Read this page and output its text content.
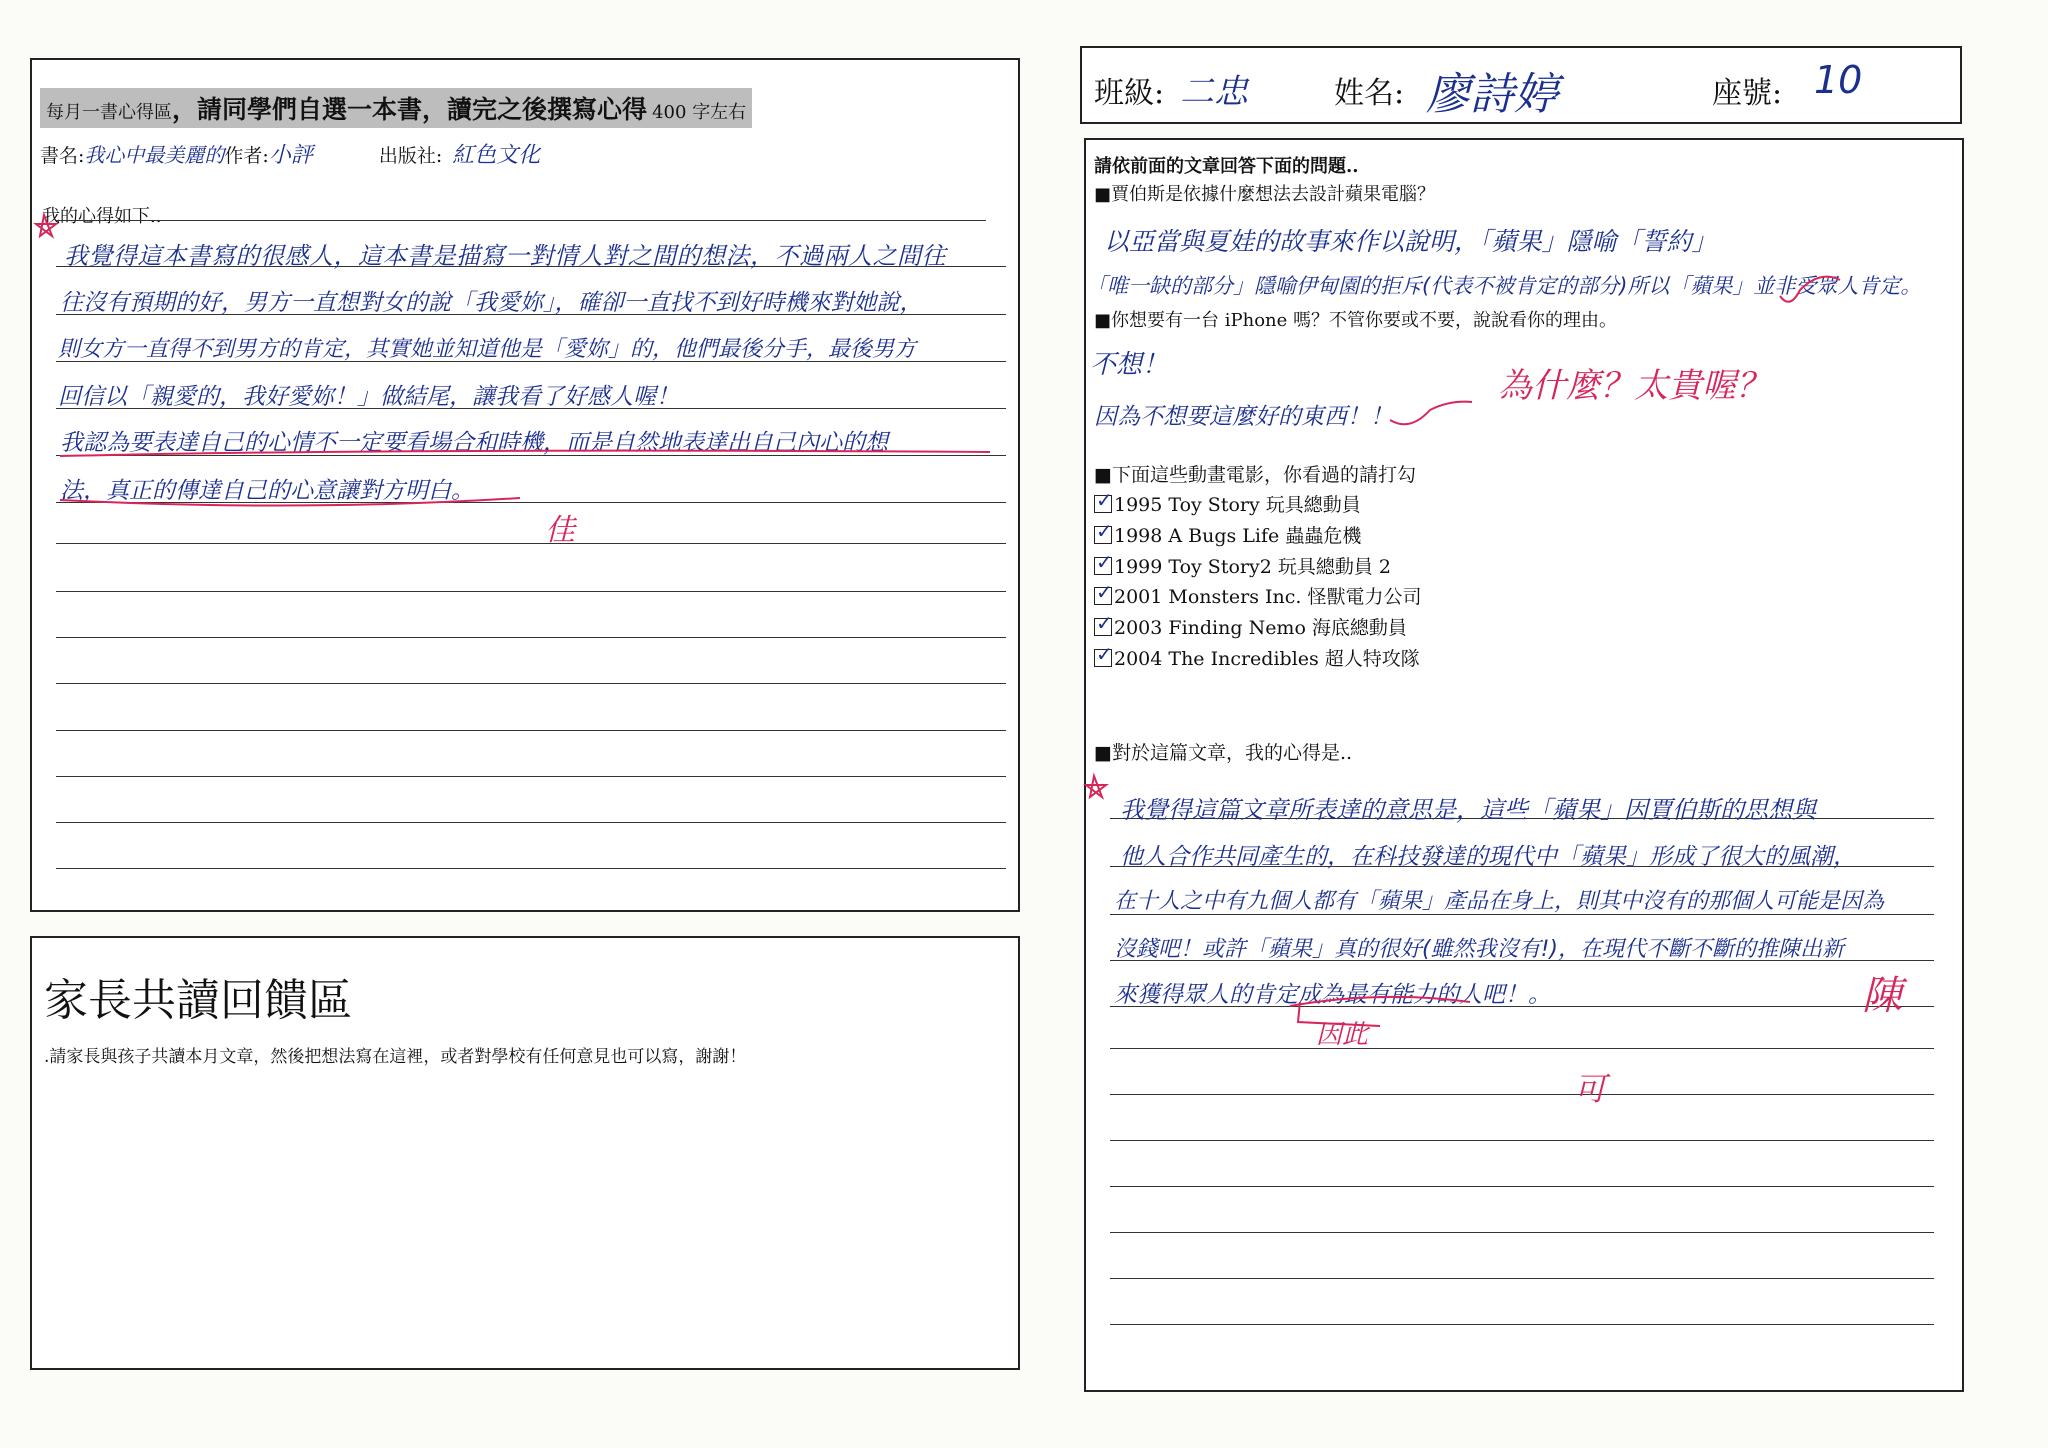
每月一書心得區，請同學們自選一本書，讀完之後撰寫心得 400 字左右
書名:我心中最美麗的作者:小評	出版社: 紅色文化
我的心得如下..
我覺得這本書寫的很感人，這本書是描寫一對情人對之間的想法，不過兩人之間往
往沒有預期的好，男方一直想對女的說「我愛妳」，確卻一直找不到好時機來對她說，
則女方一直得不到男方的肯定，其實她並知道他是「愛妳」的，他們最後分手，最後男方
回信以「親愛的，我好愛妳！」做結尾，讓我看了好感人喔！
我認為要表達自己的心情不一定要看場合和時機，而是自然地表達出自己內心的想
法，真正的傳達自己的心意讓對方明白。
佳
家長共讀回饋區
.請家長與孩子共讀本月文章，然後把想法寫在這裡，或者對學校有任何意見也可以寫，謝謝！
班級: 二忠	姓名: 廖詩婷	座號: 10
請依前面的文章回答下面的問題..
■賈伯斯是依據什麼想法去設計蘋果電腦？
以亞當與夏娃的故事來作以說明，「蘋果」隱喻「誓約」
「唯一缺的部分」隱喻伊甸園的拒斥(代表不被肯定的部分)所以「蘋果」並非受眾人肯定。
■你想要有一台 iPhone 嗎？不管你要或不要，說說看你的理由。
不想！
因為不想要這麼好的東西！！
為什麼？太貴喔？
■下面這些動畫電影，你看過的請打勾
✓ 1995 Toy Story 玩具總動員
✓ 1998 A Bugs Life 蟲蟲危機
✓ 1999 Toy Story2 玩具總動員 2
✓ 2001 Monsters Inc. 怪獸電力公司
✓ 2003 Finding Nemo 海底總動員
✓ 2004 The Incredibles 超人特攻隊
■對於這篇文章，我的心得是..
我覺得這篇文章所表達的意思是，這些「蘋果」因賈伯斯的思想與
他人合作共同產生的，在科技發達的現代中「蘋果」形成了很大的風潮，
在十人之中有九個人都有「蘋果」產品在身上，則其中沒有的那個人可能是因為
沒錢吧！或許「蘋果」真的很好(雖然我沒有!)，在現代不斷不斷的推陳出新
來獲得眾人的肯定成為最有能力的人吧！。	陳
因此
可
